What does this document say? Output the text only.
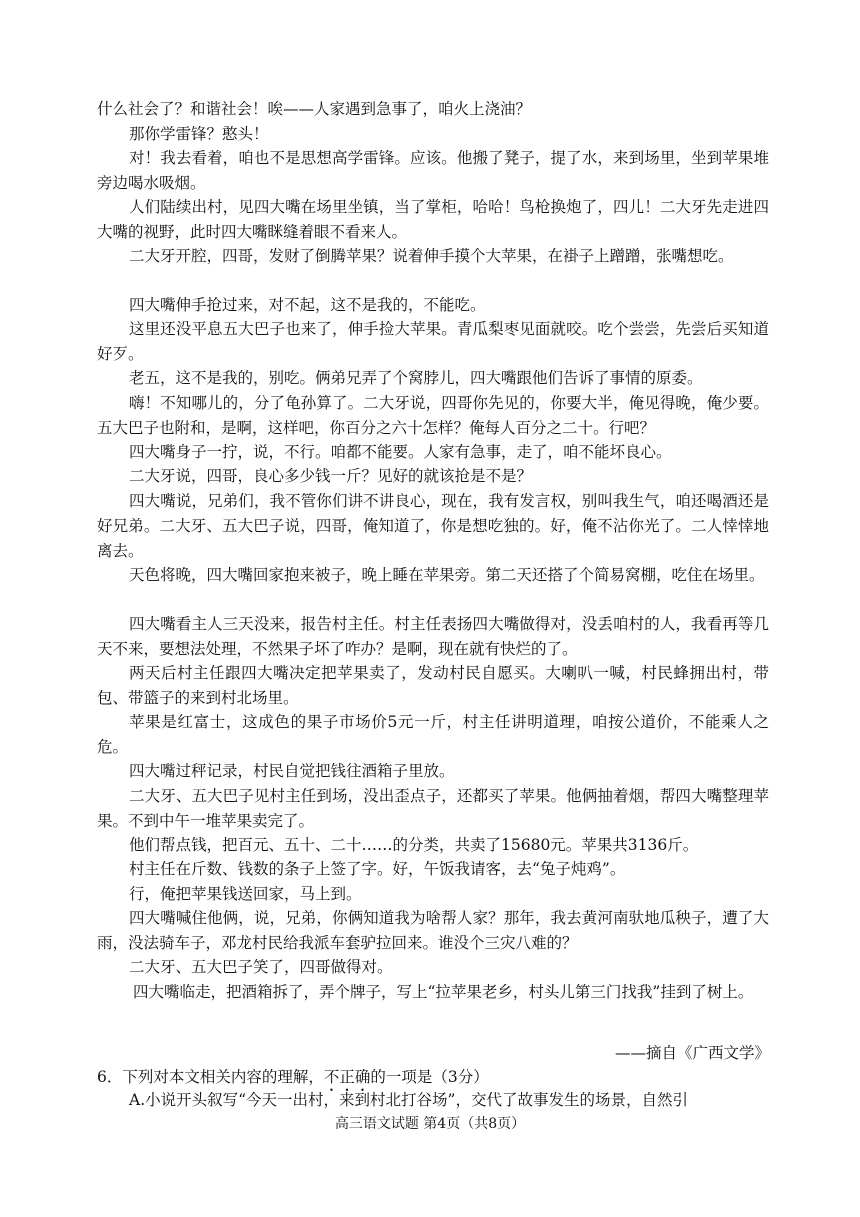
什么社会了？和谐社会！唉——人家遇到急事了，咱火上浇油？

那你学雷锋？憨头！

对！我去看着，咱也不是思想高学雷锋。应该。他搬了凳子，提了水，来到场里，坐到苹果堆旁边喝水吸烟。

人们陆续出村，见四大嘴在场里坐镇，当了掌柜，哈哈！鸟枪换炮了，四儿！二大牙先走进四大嘴的视野，此时四大嘴眯缝着眼不看来人。

二大牙开腔，四哥，发财了倒腾苹果？说着伸手摸个大苹果，在褂子上蹭蹭，张嘴想吃。

四大嘴伸手抢过来，对不起，这不是我的，不能吃。

这里还没平息五大巴子也来了，伸手捡大苹果。青瓜梨枣见面就咬。吃个尝尝，先尝后买知道好歹。

老五，这不是我的，别吃。俩弟兄弄了个窝脖儿，四大嘴跟他们告诉了事情的原委。

嗨！不知哪儿的，分了龟孙算了。二大牙说，四哥你先见的，你要大半，俺见得晚，俺少要。五大巴子也附和，是啊，这样吧，你百分之六十怎样？俺每人百分之二十。行吧？

四大嘴身子一拧，说，不行。咱都不能要。人家有急事，走了，咱不能坏良心。

二大牙说，四哥，良心多少钱一斤？见好的就该抢是不是？

四大嘴说，兄弟们，我不管你们讲不讲良心，现在，我有发言权，别叫我生气，咱还喝酒还是好兄弟。二大牙、五大巴子说，四哥，俺知道了，你是想吃独的。好，俺不沾你光了。二人悻悻地离去。

天色将晚，四大嘴回家抱来被子，晚上睡在苹果旁。第二天还搭了个简易窝棚，吃住在场里。

四大嘴看主人三天没来，报告村主任。村主任表扬四大嘴做得对，没丢咱村的人，我看再等几天不来，要想法处理，不然果子坏了咋办？是啊，现在就有快烂的了。

两天后村主任跟四大嘴决定把苹果卖了，发动村民自愿买。大喇叭一喊，村民蜂拥出村，带包、带篮子的来到村北场里。

苹果是红富士，这成色的果子市场价5元一斤，村主任讲明道理，咱按公道价，不能乘人之危。

四大嘴过秤记录，村民自觉把钱往酒箱子里放。

二大牙、五大巴子见村主任到场，没出歪点子，还都买了苹果。他俩抽着烟，帮四大嘴整理苹果。不到中午一堆苹果卖完了。

他们帮点钱，把百元、五十、二十……的分类，共卖了15680元。苹果共3136斤。

村主任在斤数、钱数的条子上签了字。好，午饭我请客，去“兔子炖鸡”。

行，俺把苹果钱送回家，马上到。

四大嘴喊住他俩，说，兄弟，你俩知道我为啥帮人家？那年，我去黄河南驮地瓜秧子，遭了大雨，没法骑车子，邓龙村民给我派车套驴拉回来。谁没个三灾八难的？

二大牙、五大巴子笑了，四哥做得对。

四大嘴临走，把酒箱拆了，弄个牌子，写上“拉苹果老乡，村头儿第三门找我”挂到了树上。

——摘自《广西文学》
6．下列对本文相关内容的理解，不正确的一项是（3分）
A.小说开头叙写“今天一出村，来到村北打谷场”，交代了故事发生的场景，自然引
高三语文试题 第4页（共8页）
